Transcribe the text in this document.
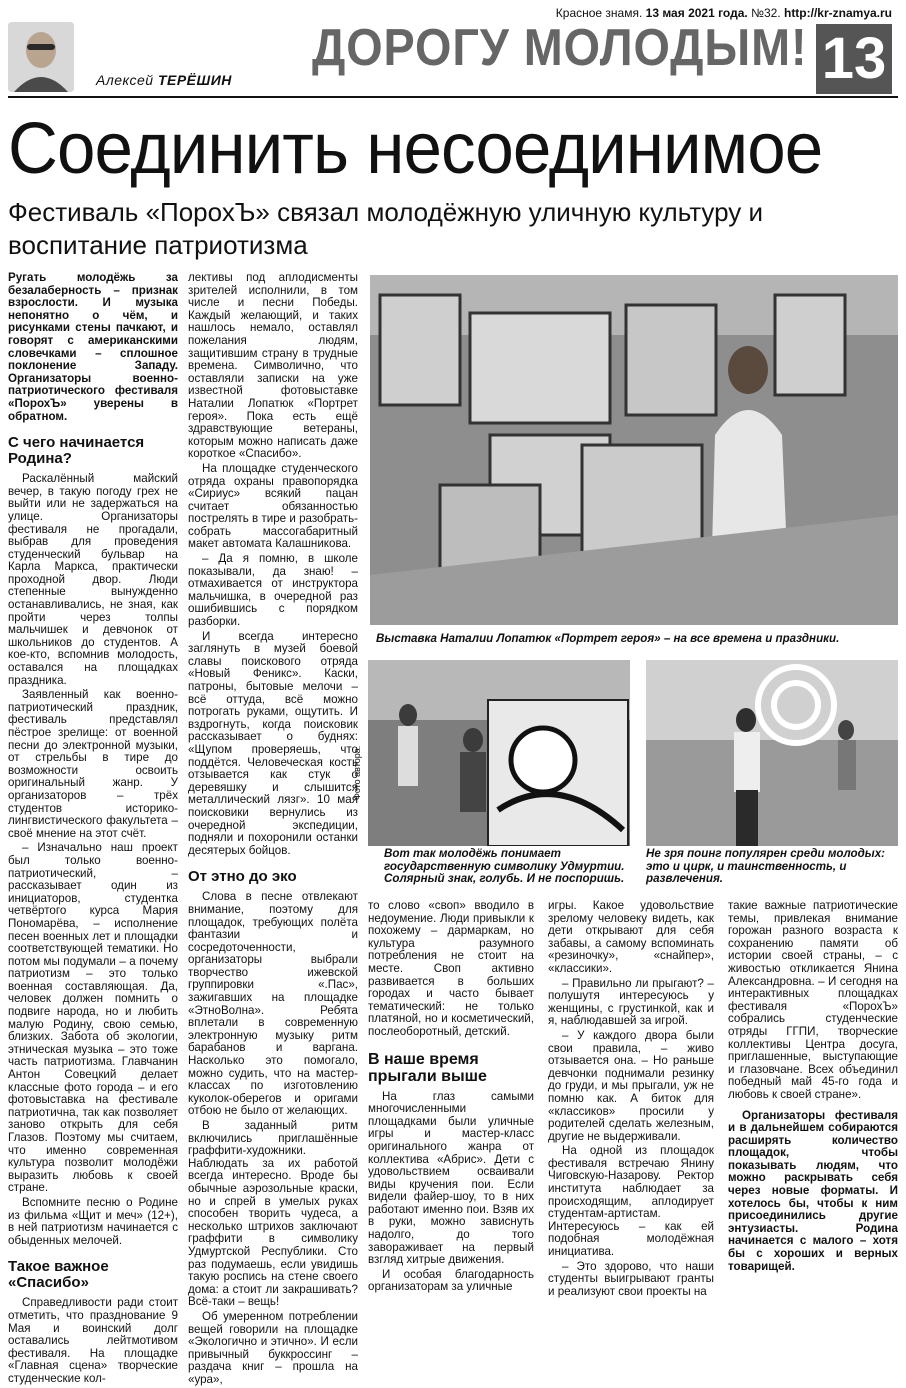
Красное знамя. 13 мая 2021 года. №32. http://kr-znamya.ru
Алексей ТЕРЁШИН
ДОРОГУ МОЛОДЫМ! 13
Соединить несоединимое
Фестиваль «ПорохЪ» связал молодёжную уличную культуру и воспитание патриотизма

Ругать молодёжь за безалаберность – признак взрослости. И музыка непонятно о чём, и рисунками стены пачкают, и говорят с американскими словечками – сплошное поклонение Западу. Организаторы военно-патриотического фестиваля «ПорохЪ» уверены в обратном.

С чего начинается Родина?

Раскалённый майский вечер, в такую погоду грех не выйти или не задержаться на улице. Организаторы фестиваля не прогадали, выбрав для проведения студенческий бульвар на Карла Маркса, практически проходной двор. Люди степенные вынужденно останавливались, не зная, как пройти через толпы мальчишек и девчонок от школьников до студентов. А кое-кто, вспомнив молодость, оставался на площадках праздника.

Заявленный как военно-патриотический праздник, фестиваль представлял пёстрое зрелище: от военной песни до электронной музыки, от стрельбы в тире до возможности освоить оригинальный жанр. У организаторов – трёх студентов историко-лингвистического факультета – своё мнение на этот счёт.

– Изначально наш проект был только военно-патриотический, – рассказывает один из инициаторов, студентка четвёртого курса Мария Пономарёва, – исполнение песен военных лет и площадки соответствующей тематики. Но потом мы подумали – а почему патриотизм – это только военная составляющая. Да, человек должен помнить о подвиге народа, но и любить малую Родину, свою семью, близких. Забота об экологии, этническая музыка – это тоже часть патриотизма. Главчанин Антон Совецкий делает классные фото города – и его фотовыставка на фестивале патриотична, так как позволяет заново открыть для себя Глазов. Поэтому мы считаем, что именно современная культура позволит молодёжи выразить любовь к своей стране.

Вспомните песню о Родине из фильма «Щит и меч» (12+), в ней патриотизм начинается с обыденных мелочей.

Такое важное «Спасибо»

Справедливости ради стоит отметить, что празднование 9 Мая и воинский долг оставались лейтмотивом фестиваля. На площадке «Главная сцена» творческие студенческие кол-

лективы под аплодисменты зрителей исполнили, в том числе и песни Победы. Каждый желающий, и таких нашлось немало, оставлял пожелания людям, защитившим страну в трудные времена. Символично, что оставляли записки на уже известной фотовыставке Наталии Лопатюк «Портрет героя». Пока есть ещё здравствующие ветераны, которым можно написать даже короткое «Спасибо».

На площадке студенческого отряда охраны правопорядка «Сириус» всякий пацан считает обязанностью пострелять в тире и разобрать-собрать массогабаритный макет автомата Калашникова.

– Да я помню, в школе показывали, да знаю! – отмахивается от инструктора мальчишка, в очередной раз ошибившись с порядком разборки.

И всегда интересно заглянуть в музей боевой славы поискового отряда «Новый Феникс». Каски, патроны, бытовые мелочи – всё оттуда, всё можно потрогать руками, ощутить. И вздрогнуть, когда поисковик рассказывает о буднях: «Щупом проверяешь, что поддётся. Человеческая кость отзывается как стук о деревяшку и слышится металлический лязг». 10 мая поисковики вернулись из очередной экспедиции, подняли и похоронили останки десятерых бойцов.

От этно до эко

Слова в песне отвлекают внимание, поэтому для площадок, требующих полёта фантазии и сосредоточенности, организаторы выбрали творчество ижевской группировки «.Пас», зажигавших на площадке «ЭтноВолна». Ребята вплетали в современную электронную музыку ритм барабанов и варгана. Насколько это помогало, можно судить, что на мастер-классах по изготовлению куколок-оберегов и оригами отбою не было от желающих.

В заданный ритм включились приглашённые граффити-художники. Наблюдать за их работой всегда интересно. Вроде бы обычные аэрозольные краски, но и спрей в умелых руках способен творить чудеса, а несколько штрихов заключают граффити в символику Удмуртской Республики. Сто раз подумаешь, если увидишь такую роспись на стене своего дома: а стоит ли закрашивать? Всё-таки – вещь!

Об умеренном потреблении вещей говорили на площадке «Экологично и этично». И если привычный буккроссинг – раздача книг – прошла на «ура»,

Выставка Наталии Лопатюк «Портрет героя» – на все времена и праздники.
Фото автора.
Вот так молодёжь понимает государственную символику Удмуртии. Солярный знак, голубь. И не поспоришь.
Не зря поинг популярен среди молодых: это и цирк, и таинственность, и развлечения.

то слово «своп» вводило в недоумение. Люди привыкли к похожему – дармаркам, но культура разумного потребления не стоит на месте. Своп активно развивается в больших городах и часто бывает тематический: не только платяной, но и косметический, послеоборотный, детский.

В наше время прыгали выше

На глаз самыми многочисленными площадками были уличные игры и мастер-класс оригинального жанра от коллектива «Абрис». Дети с удовольствием осваивали виды кручения пои. Если видели файер-шоу, то в них работают именно пои. Взяв их в руки, можно зависнуть надолго, до того завораживает на первый взгляд хитрые движения.

И особая благодарность организаторам за уличные

игры. Какое удовольствие зрелому человеку видеть, как дети открывают для себя забавы, а самому вспоминать «резиночку», «снайпер», «классики».

– Правильно ли прыгают? – полушутя интересуюсь у женщины, с грустинкой, как и я, наблюдавшей за игрой.

– У каждого двора были свои правила, – живо отзывается она. – Но раньше девчонки поднимали резинку до груди, и мы прыгали, уж не помню как. А биток для «классиков» просили у родителей сделать железным, другие не выдерживали.

На одной из площадок фестиваля встречаю Янину Чиговскую-Назарову. Ректор института наблюдает за происходящим, аплодирует студентам-артистам. Интересуюсь – как ей подобная молодёжная инициатива.

– Это здорово, что наши студенты выигрывают гранты и реализуют свои проекты на

такие важные патриотические темы, привлекая внимание горожан разного возраста к сохранению памяти об истории своей страны, – с живостью откликается Янина Александровна. – И сегодня на интерактивных площадках фестиваля «ПорохЪ» собрались студенческие отряды ГГПИ, творческие коллективы Центра досуга, приглашенные, выступающие и глазовчане. Всех объединил победный май 45-го года и любовь к своей стране».

Организаторы фестиваля и в дальнейшем собираются расширять количество площадок, чтобы показывать людям, что можно раскрывать себя через новые форматы. И хотелось бы, чтобы к ним присоединились другие энтузиасты. Родина начинается с малого – хотя бы с хороших и верных товарищей.
